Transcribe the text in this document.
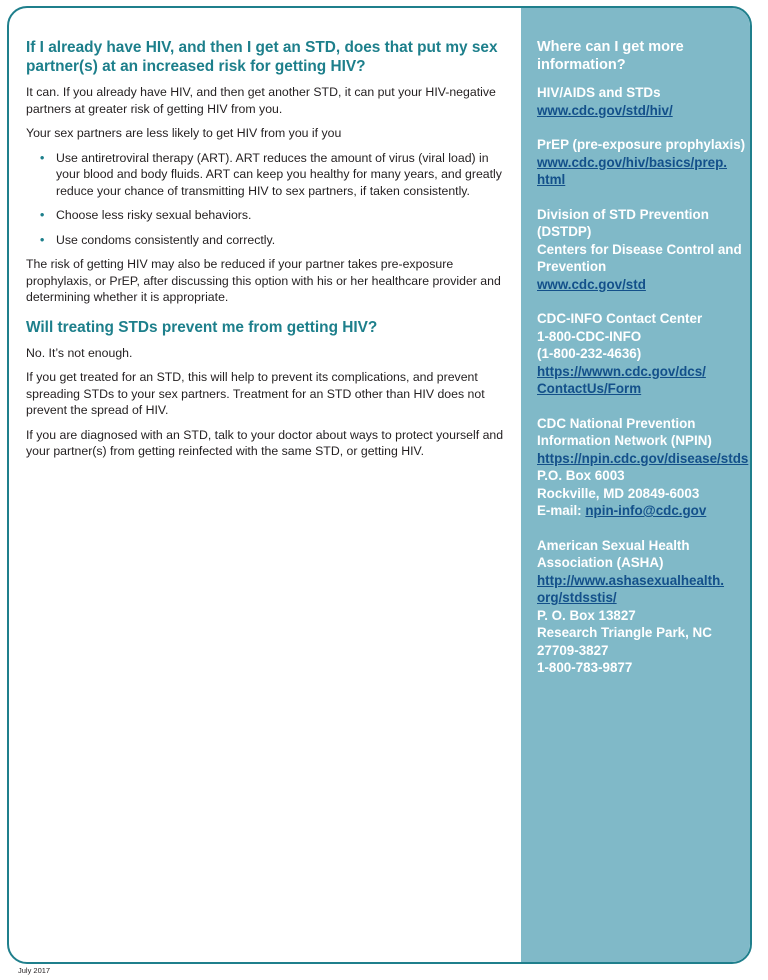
If I already have HIV, and then I get an STD, does that put my sex partner(s) at an increased risk for getting HIV?

It can. If you already have HIV, and then get another STD, it can put your HIV-negative partners at greater risk of getting HIV from you.

Your sex partners are less likely to get HIV from you if you

• Use antiretroviral therapy (ART). ART reduces the amount of virus (viral load) in your blood and body fluids. ART can keep you healthy for many years, and greatly reduce your chance of transmitting HIV to sex partners, if taken consistently.
• Choose less risky sexual behaviors.
• Use condoms consistently and correctly.

The risk of getting HIV may also be reduced if your partner takes pre-exposure prophylaxis, or PrEP, after discussing this option with his or her healthcare provider and determining whether it is appropriate.

Will treating STDs prevent me from getting HIV?

No. It’s not enough.

If you get treated for an STD, this will help to prevent its complications, and prevent spreading STDs to your sex partners. Treatment for an STD other than HIV does not prevent the spread of HIV.

If you are diagnosed with an STD, talk to your doctor about ways to protect yourself and your partner(s) from getting reinfected with the same STD, or getting HIV.

Where can I get more information?
HIV/AIDS and STDs
www.cdc.gov/std/hiv/
PrEP (pre-exposure prophylaxis)
www.cdc.gov/hiv/basics/prep.
html
Division of STD Prevention
(DSTDP)
Centers for Disease Control and
Prevention
www.cdc.gov/std
CDC-INFO Contact Center
1-800-CDC-INFO
(1-800-232-4636)
https://wwwn.cdc.gov/dcs/
ContactUs/Form
CDC National Prevention
Information Network (NPIN)
https://npin.cdc.gov/disease/stds
P.O. Box 6003
Rockville, MD 20849-6003
E-mail: npin-info@cdc.gov
American Sexual Health
Association (ASHA)
http://www.ashasexualhealth.
org/stdsstis/
P. O. Box 13827
Research Triangle Park, NC
27709-3827
1-800-783-9877
July 2017
